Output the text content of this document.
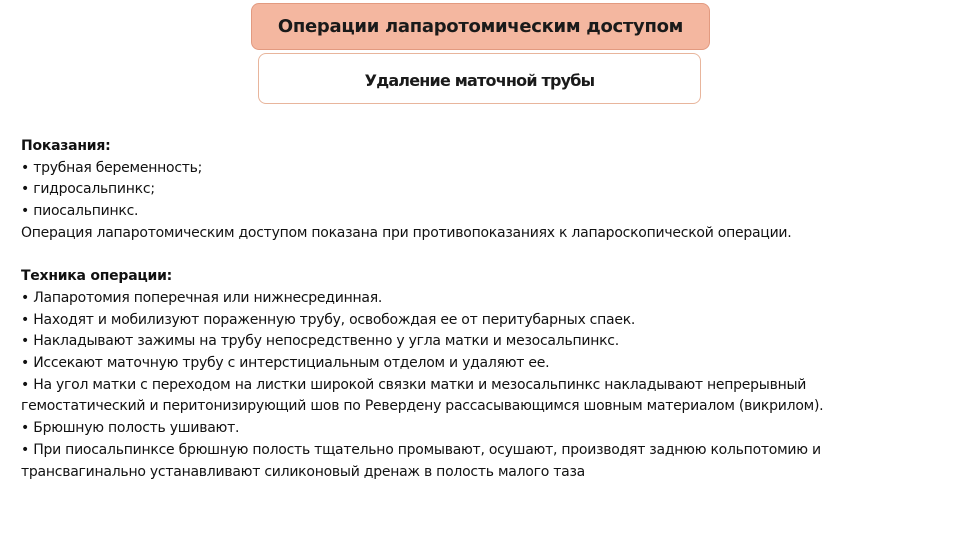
Операции лапаротомическим доступом
Удаление маточной трубы

Показания:

• трубная беременность;

• гидросальпинкс;

• пиосальпинкс.

Операция лапаротомическим доступом показана при противопоказаниях к лапароскопической операции.

Техника операции:

• Лапаротомия поперечная или нижнесрединная.

• Находят и мобилизуют пораженную трубу, освобождая ее от перитубарных спаек.

• Накладывают зажимы на трубу непосредственно у угла матки и мезосальпинкс.

• Иссекают маточную трубу с интерстициальным отделом и удаляют ее.

• На угол матки с переходом на листки широкой связки матки и мезосальпинкс накладывают непрерывный

гемостатический и перитонизирующий шов по Ревердену рассасывающимся шовным материалом (викрилом).

• Брюшную полость ушивают.

• При пиосальпинксе брюшную полость тщательно промывают, осушают, производят заднюю кольпотомию и

трансвагинально устанавливают силиконовый дренаж в полость малого таза
